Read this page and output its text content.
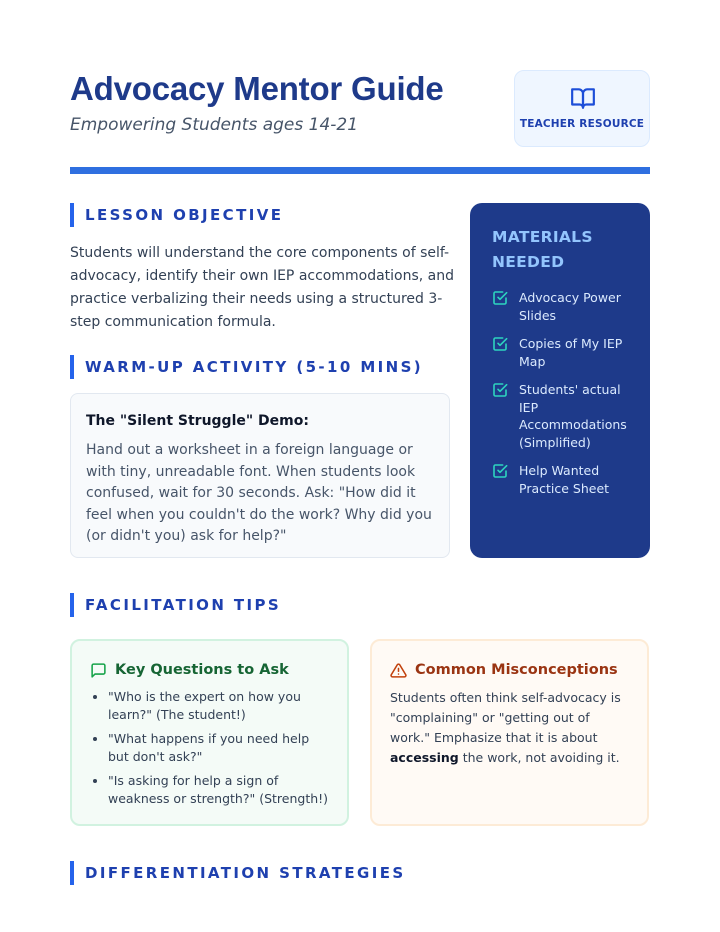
Advocacy Mentor Guide
Empowering Students ages 14-21	TEACHER RESOURCE
LESSON OBJECTIVE

Students will understand the core components of self-advocacy, identify their own IEP accommodations, and practice verbalizing their needs using a structured 3-step communication formula.

WARM-UP ACTIVITY (5-10 MINS)
The "Silent Struggle" Demo:
Hand out a worksheet in a foreign language or with tiny, unreadable font. When students look confused, wait for 30 seconds. Ask: "How did it feel when you couldn't do the work? Why did you (or didn't you) ask for help?"
MATERIALS NEEDED
Advocacy Power Slides
Copies of My IEP Map
Students' actual IEP Accommodations (Simplified)
Help Wanted Practice Sheet
FACILITATION TIPS
Key Questions to Ask
"Who is the expert on how you learn?" (The student!)
"What happens if you need help but don't ask?"
"Is asking for help a sign of weakness or strength?" (Strength!)
Common Misconceptions

Students often think self-advocacy is "complaining" or "getting out of work." Emphasize that it is about accessing the work, not avoiding it.

DIFFERENTIATION STRATEGIES
